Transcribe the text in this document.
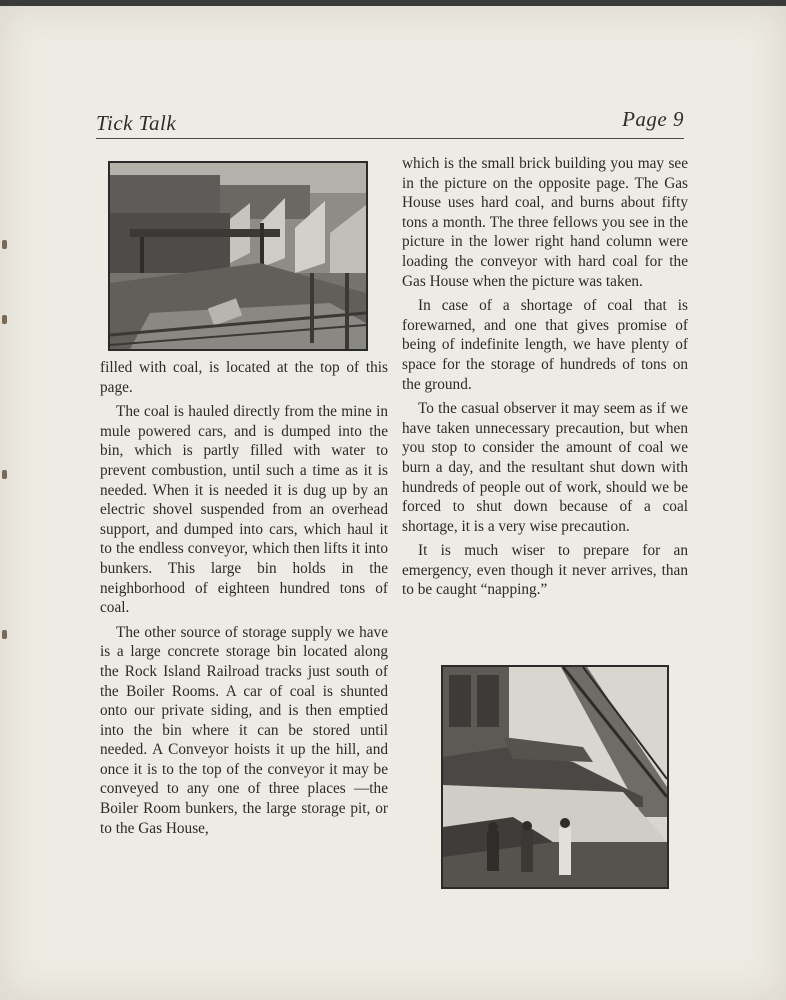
Tick Talk	Page 9

filled with coal, is located at the top of this page.

The coal is hauled directly from the mine in mule powered cars, and is dumped into the bin, which is partly filled with water to prevent combustion, until such a time as it is needed. When it is needed it is dug up by an electric shovel suspended from an overhead support, and dumped into cars, which haul it to the endless conveyor, which then lifts it into bunkers. This large bin holds in the neighborhood of eighteen hundred tons of coal.

The other source of storage supply we have is a large concrete storage bin located along the Rock Island Railroad tracks just south of the Boiler Rooms. A car of coal is shunted onto our private siding, and is then emptied into the bin where it can be stored until needed. A Conveyor hoists it up the hill, and once it is to the top of the conveyor it may be conveyed to any one of three places —the Boiler Room bunkers, the large storage pit, or to the Gas House,

which is the small brick building you may see in the picture on the opposite page. The Gas House uses hard coal, and burns about fifty tons a month. The three fellows you see in the picture in the lower right hand column were loading the conveyor with hard coal for the Gas House when the picture was taken.

In case of a shortage of coal that is forewarned, and one that gives promise of being of indefinite length, we have plenty of space for the storage of hundreds of tons on the ground.

To the casual observer it may seem as if we have taken unnecessary precaution, but when you stop to consider the amount of coal we burn a day, and the resultant shut down with hundreds of people out of work, should we be forced to shut down because of a coal shortage, it is a very wise precaution.

It is much wiser to prepare for an emergency, even though it never arrives, than to be caught “napping.”
